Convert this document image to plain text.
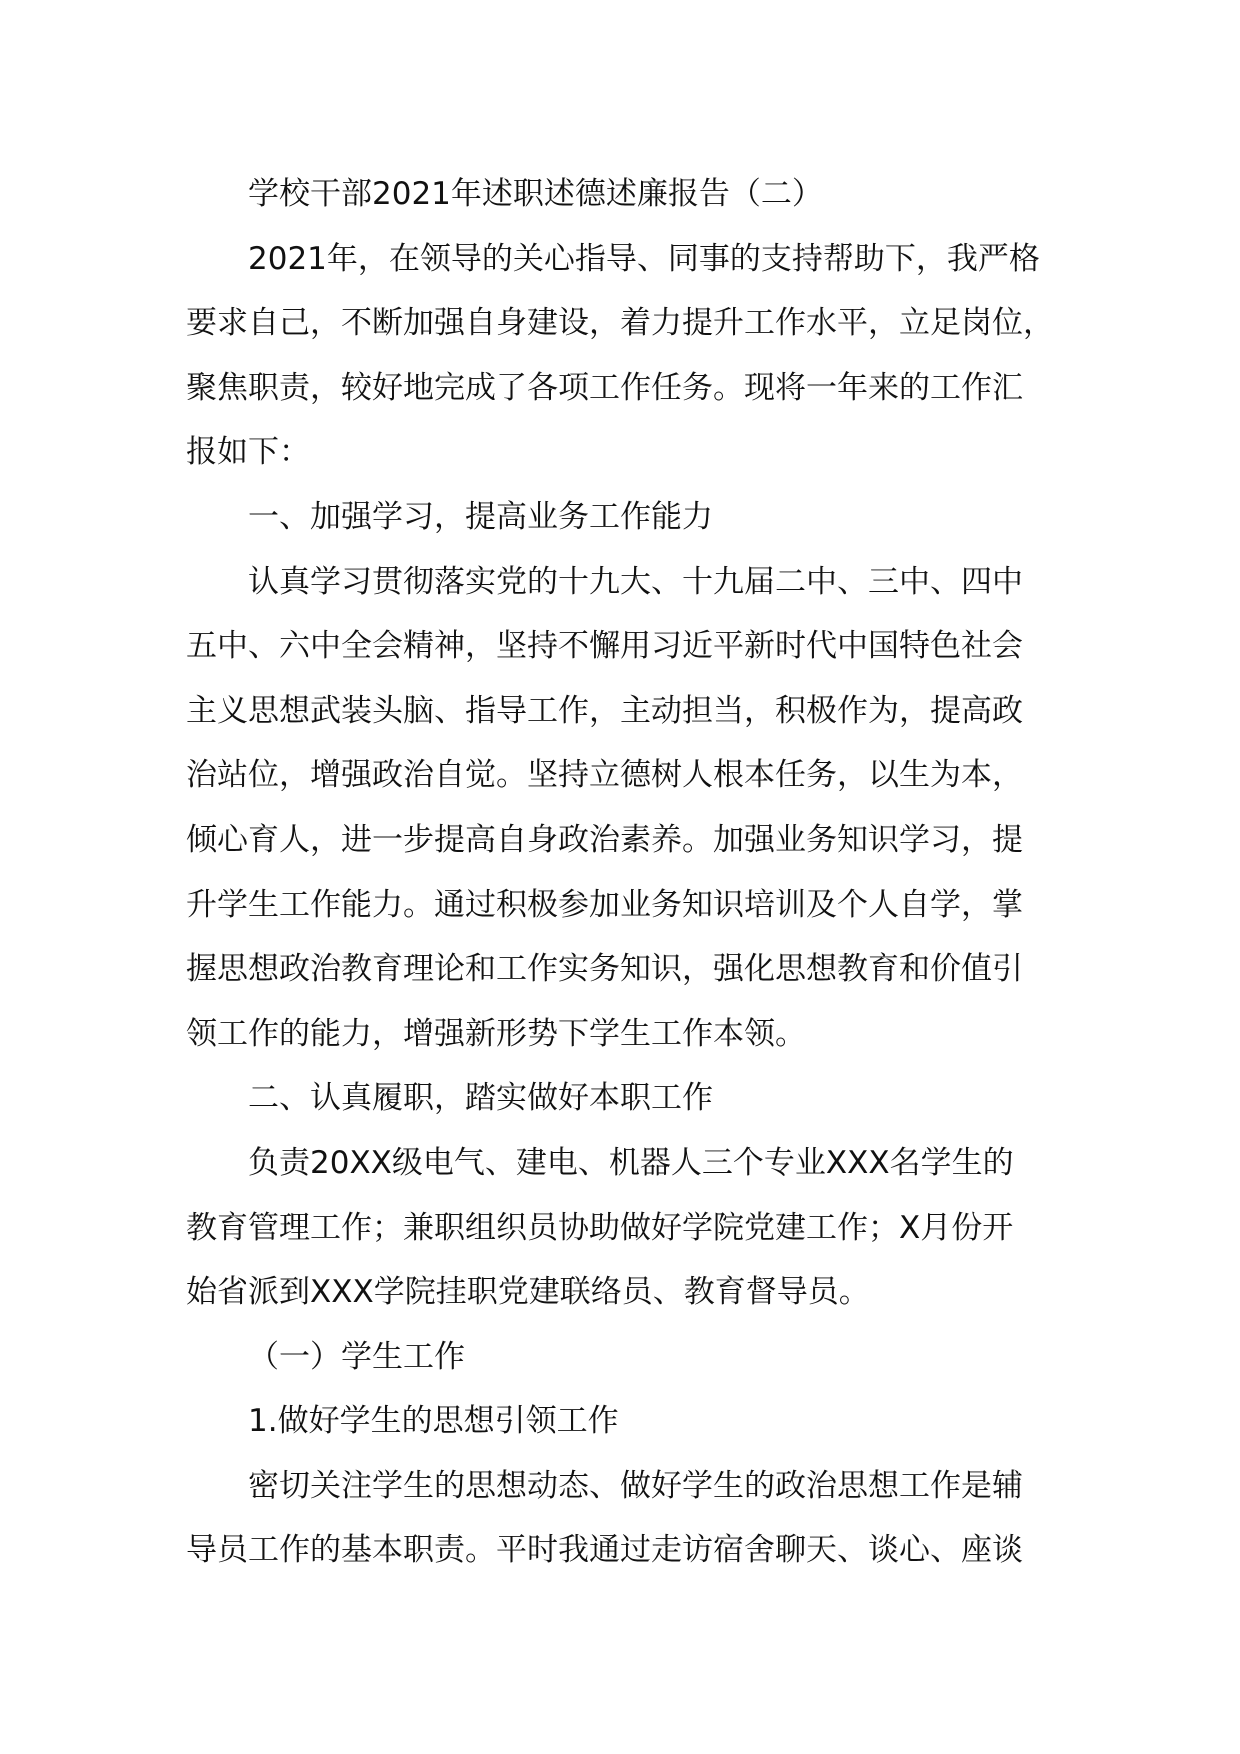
学校干部2021年述职述德述廉报告（二）

2021年，在领导的关心指导、同事的支持帮助下，我严格
要求自己，不断加强自身建设，着力提升工作水平，立足岗位，
聚焦职责，较好地完成了各项工作任务。现将一年来的工作汇
报如下：

一、加强学习，提高业务工作能力

认真学习贯彻落实党的十九大、十九届二中、三中、四中
五中、六中全会精神，坚持不懈用习近平新时代中国特色社会
主义思想武装头脑、指导工作，主动担当，积极作为，提高政
治站位，增强政治自觉。坚持立德树人根本任务，以生为本，
倾心育人，进一步提高自身政治素养。加强业务知识学习，提
升学生工作能力。通过积极参加业务知识培训及个人自学，掌
握思想政治教育理论和工作实务知识，强化思想教育和价值引
领工作的能力，增强新形势下学生工作本领。

二、认真履职，踏实做好本职工作

负责20XX级电气、建电、机器人三个专业XXX名学生的
教育管理工作；兼职组织员协助做好学院党建工作；X月份开
始省派到XXX学院挂职党建联络员、教育督导员。

（一）学生工作

1.做好学生的思想引领工作

密切关注学生的思想动态、做好学生的政治思想工作是辅
导员工作的基本职责。平时我通过走访宿舍聊天、谈心、座谈
